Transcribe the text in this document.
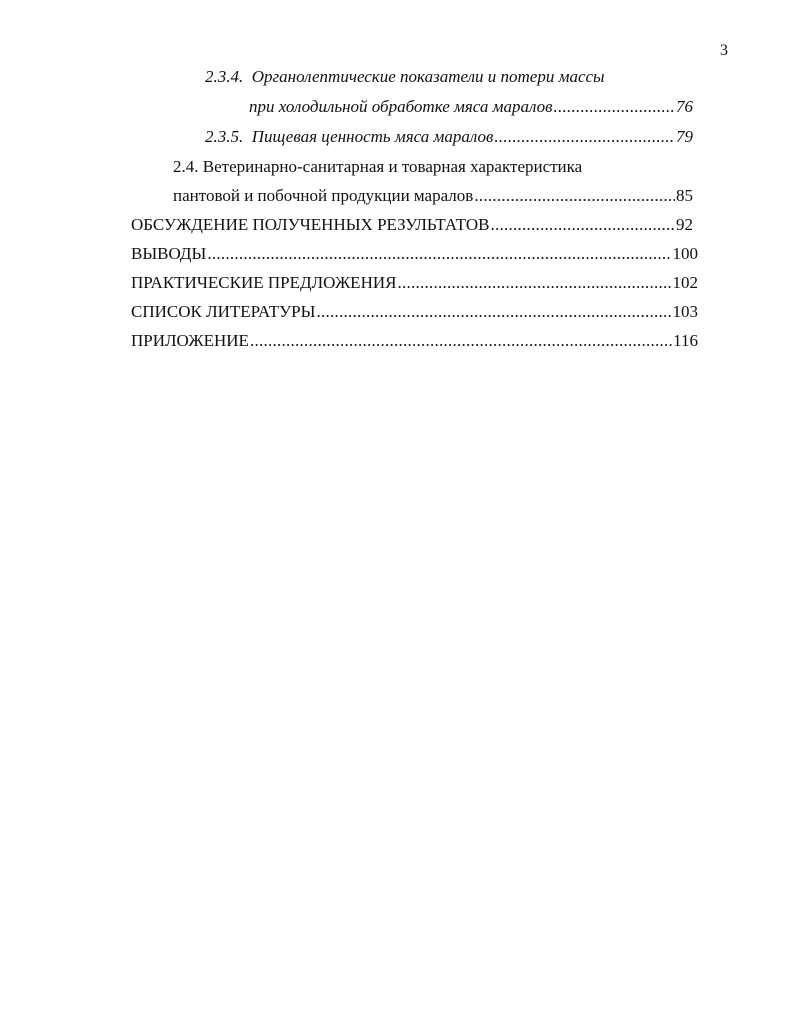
3
2.3.4. Органолептические показатели и потери массы
при холодильной обработке мяса маралов . . .	76
2.3.5. Пищевая ценность мяса маралов . . .	79
2.4. Ветеринарно-санитарная и товарная характеристика
пантовой и побочной продукции маралов . . .	85
ОБСУЖДЕНИЕ ПОЛУЧЕННЫХ РЕЗУЛЬТАТОВ . . .	92
ВЫВОДЫ . . .	100
ПРАКТИЧЕСКИЕ ПРЕДЛОЖЕНИЯ . . .	102
СПИСОК ЛИТЕРАТУРЫ . . .	103
ПРИЛОЖЕНИЕ . . .	116
